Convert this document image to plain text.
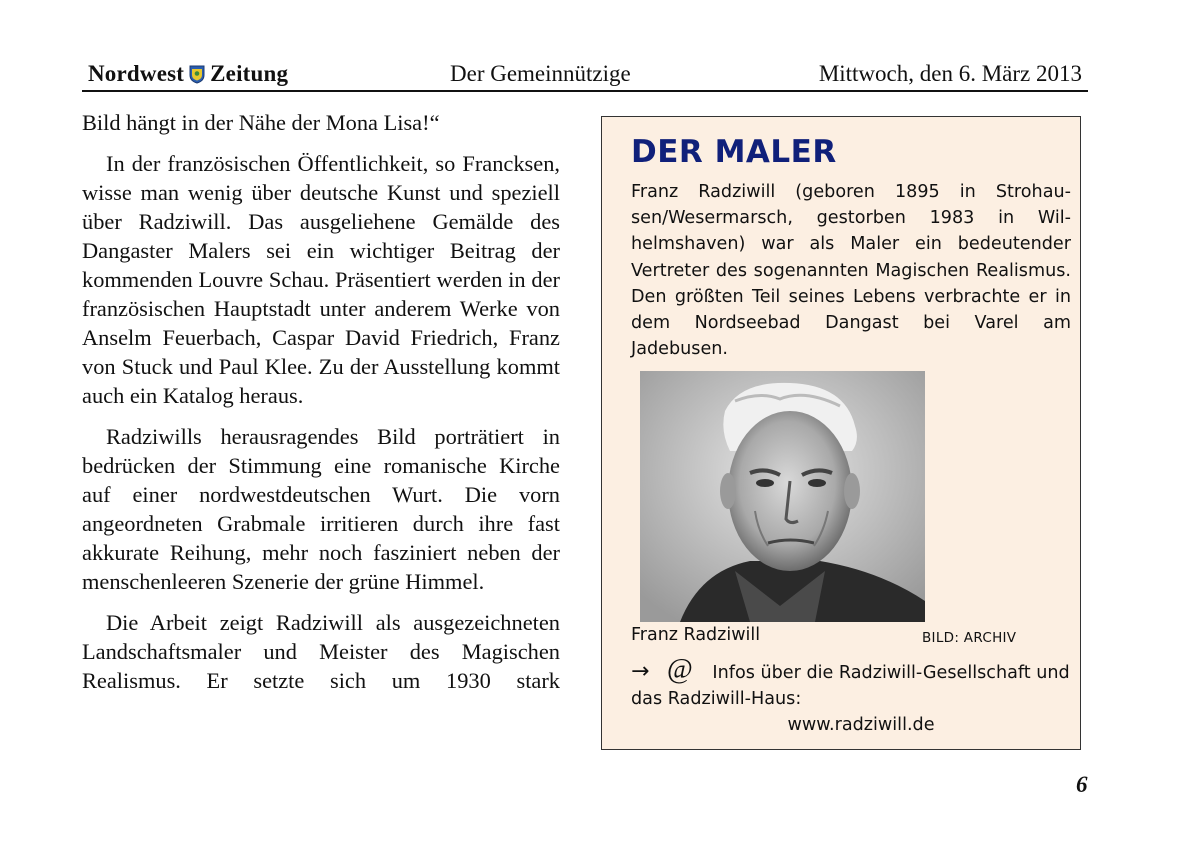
Nordwest Zeitung	Der Gemeinnützige	Mittwoch, den 6. März 2013

Bild hängt in der Nähe der Mona Lisa!“

In der französischen Öffentlichkeit, so Francksen, wisse man wenig über deutsche Kunst und speziell über Radziwill. Das ausgeliehene Gemälde des Dangaster Malers sei ein wichtiger Beitrag der kommenden Louvre Schau. Präsentiert werden in der französischen Hauptstadt unter anderem Werke von Anselm Feuerbach, Caspar David Friedrich, Franz von Stuck und Paul Klee. Zu der Ausstellung kommt auch ein Katalog heraus.

Radziwills herausragendes Bild porträtiert in bedrücken der Stimmung eine romanische Kirche auf einer nordwestdeutschen Wurt. Die vorn angeordneten Grabmale irritieren durch ihre fast akkurate Reihung, mehr noch fasziniert neben der menschenleeren Szenerie der grüne Himmel.

Die Arbeit zeigt Radziwill als ausgezeichneten Landschaftsmaler und Meister des Magischen Realismus. Er setzte sich um 1930 stark

DER MALER
Franz Radziwill (geboren 1895 in Strohausen/Wesermarsch, gestorben 1983 in Wilhelmshaven) war als Maler ein bedeutender Vertreter des sogenannten Magischen Realismus. Den größten Teil seines Lebens verbrachte er in dem Nordseebad Dangast bei Varel am Jadebusen.
Franz Radziwill	BILD: ARCHIV
→ @ Infos über die Radziwill-Gesellschaft und das Radziwill-Haus:
www.radziwill.de
6
